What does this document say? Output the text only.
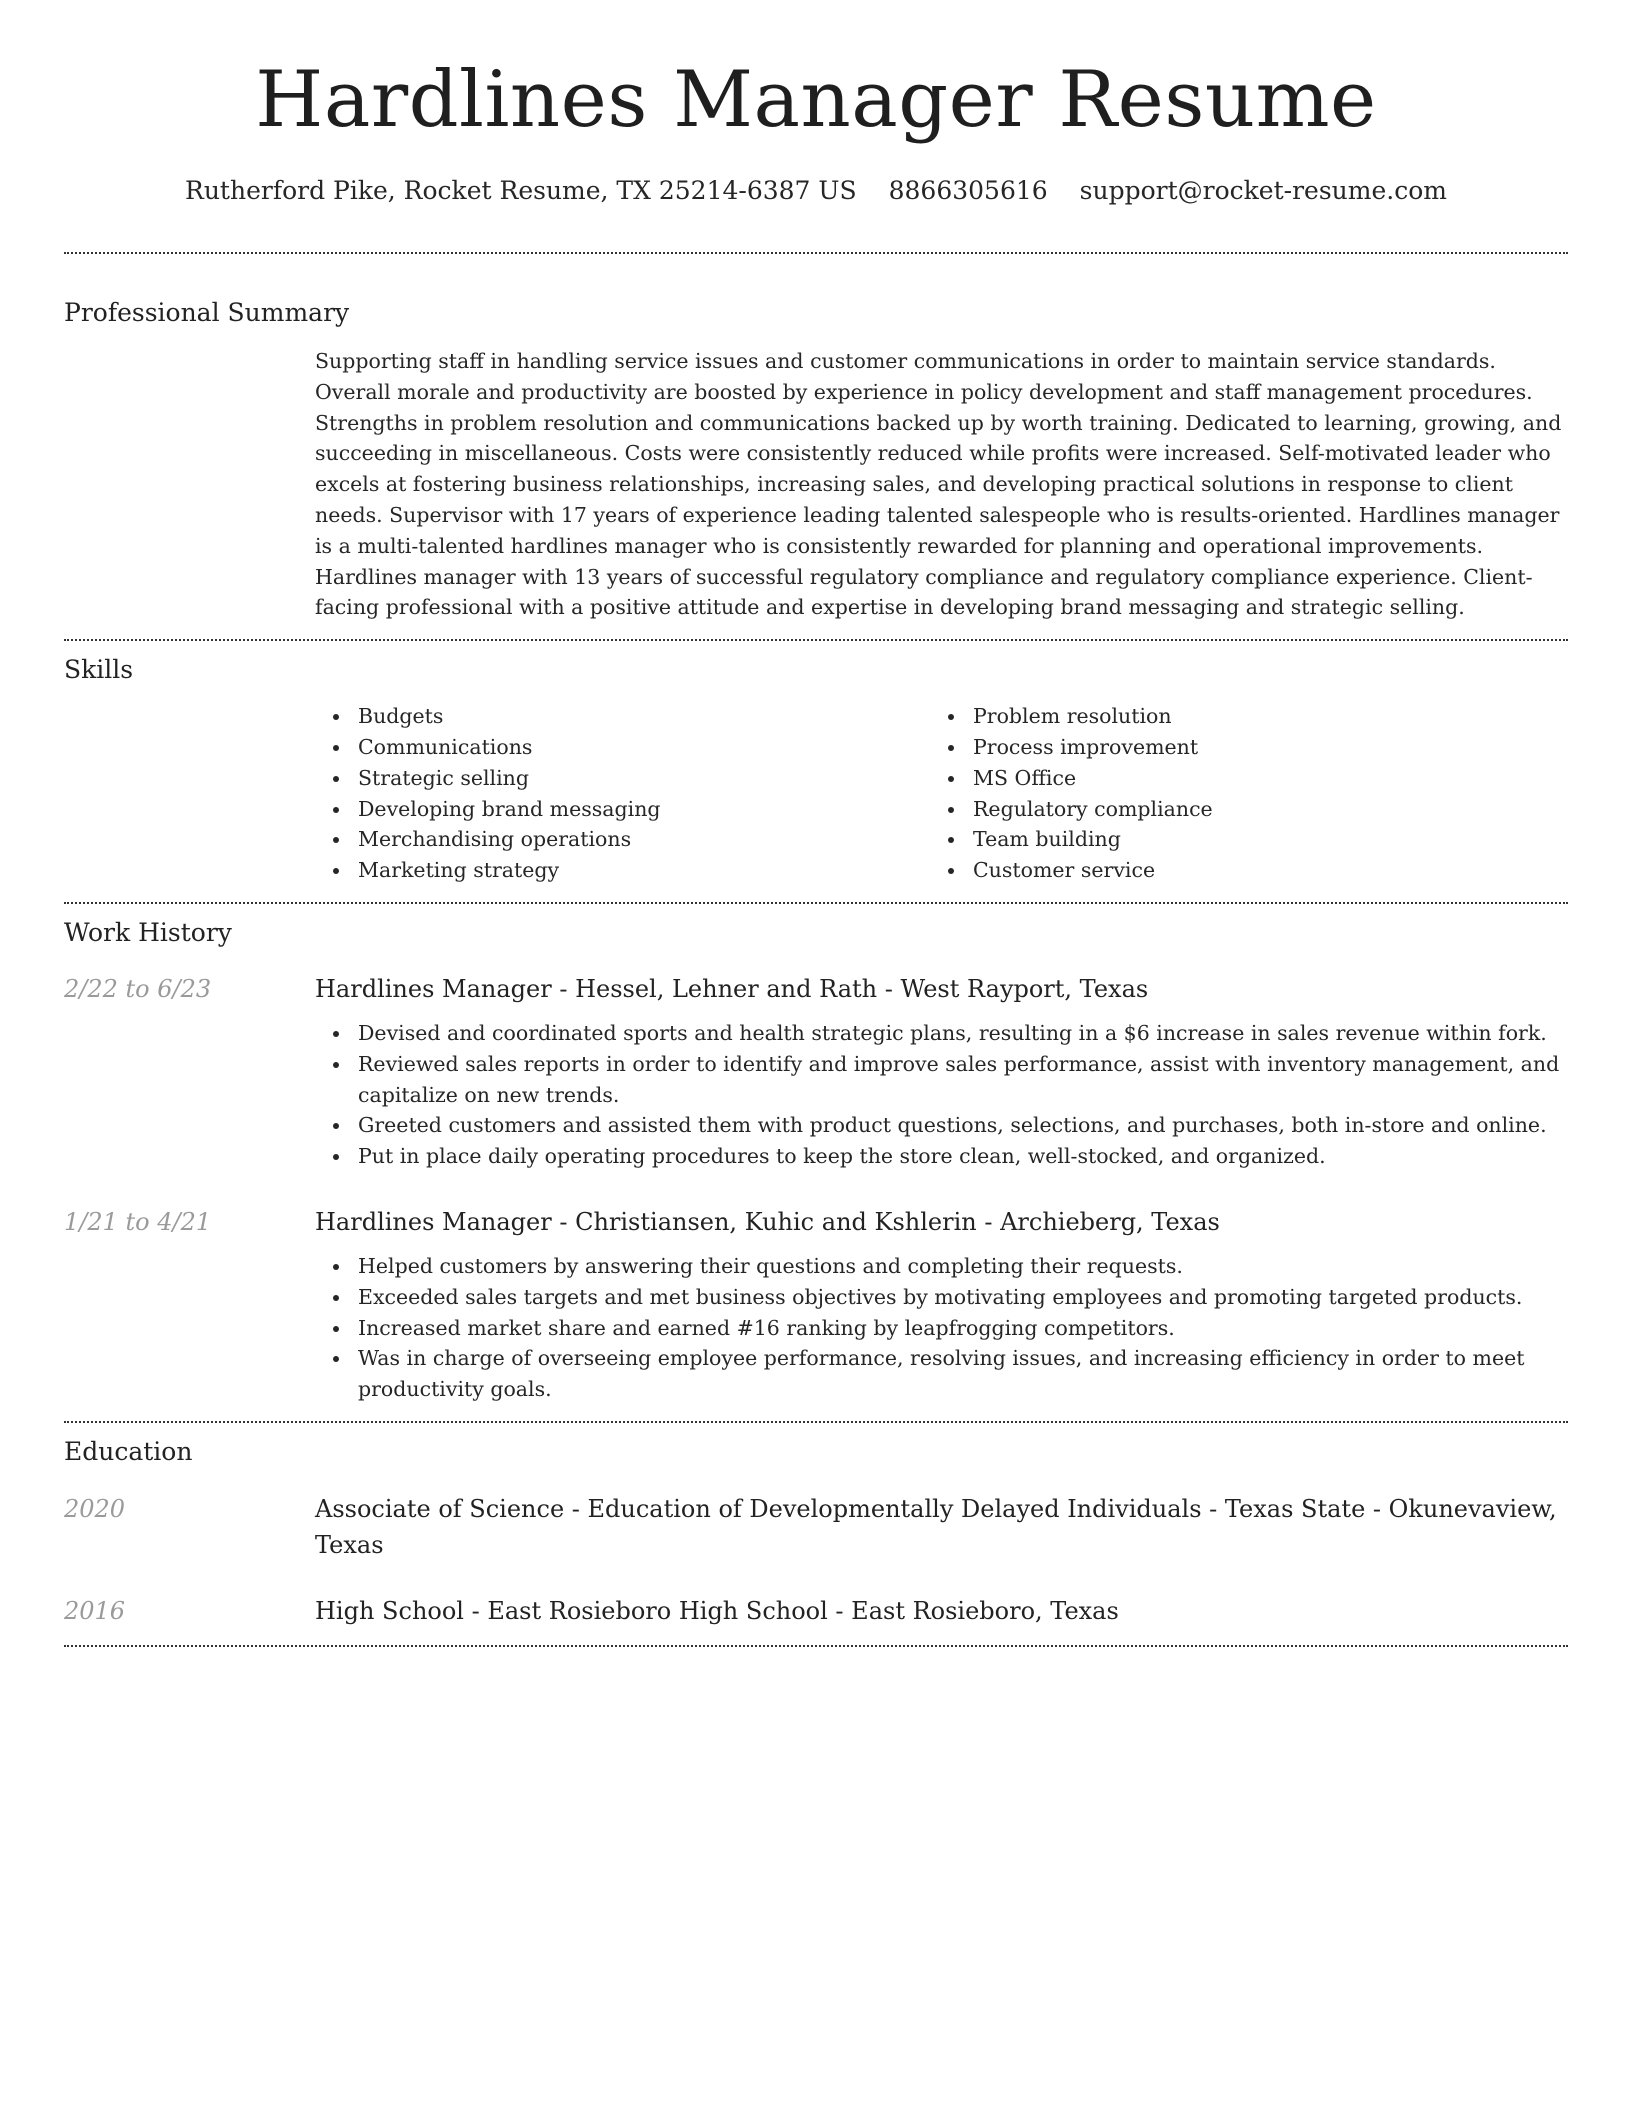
Hardlines Manager Resume
Rutherford Pike, Rocket Resume, TX 25214-6387 US 8866305616 support@rocket-resume.com
Professional Summary

Supporting staff in handling service issues and customer communications in order to maintain service standards. Overall morale and productivity are boosted by experience in policy development and staff management procedures. Strengths in problem resolution and communications backed up by worth training. Dedicated to learning, growing, and succeeding in miscellaneous. Costs were consistently reduced while profits were increased. Self-motivated leader who excels at fostering business relationships, increasing sales, and developing practical solutions in response to client needs. Supervisor with 17 years of experience leading talented salespeople who is results-oriented. Hardlines manager is a multi-talented hardlines manager who is consistently rewarded for planning and operational improvements. Hardlines manager with 13 years of successful regulatory compliance and regulatory compliance experience. Client-facing professional with a positive attitude and expertise in developing brand messaging and strategic selling.

Skills
Budgets
Communications
Strategic selling
Developing brand messaging
Merchandising operations
Marketing strategy
Problem resolution
Process improvement
MS Office
Regulatory compliance
Team building
Customer service
Work History
2/22 to 6/23	Hardlines Manager - Hessel, Lehner and Rath - West Rayport, Texas
Devised and coordinated sports and health strategic plans, resulting in a $6 increase in sales revenue within fork.
Reviewed sales reports in order to identify and improve sales performance, assist with inventory management, and capitalize on new trends.
Greeted customers and assisted them with product questions, selections, and purchases, both in-store and online.
Put in place daily operating procedures to keep the store clean, well-stocked, and organized.
1/21 to 4/21	Hardlines Manager - Christiansen, Kuhic and Kshlerin - Archieberg, Texas
Helped customers by answering their questions and completing their requests.
Exceeded sales targets and met business objectives by motivating employees and promoting targeted products.
Increased market share and earned #16 ranking by leapfrogging competitors.
Was in charge of overseeing employee performance, resolving issues, and increasing efficiency in order to meet productivity goals.
Education
2020	Associate of Science - Education of Developmentally Delayed Individuals - Texas State - Okunevaview, Texas
2016	High School - East Rosieboro High School - East Rosieboro, Texas
